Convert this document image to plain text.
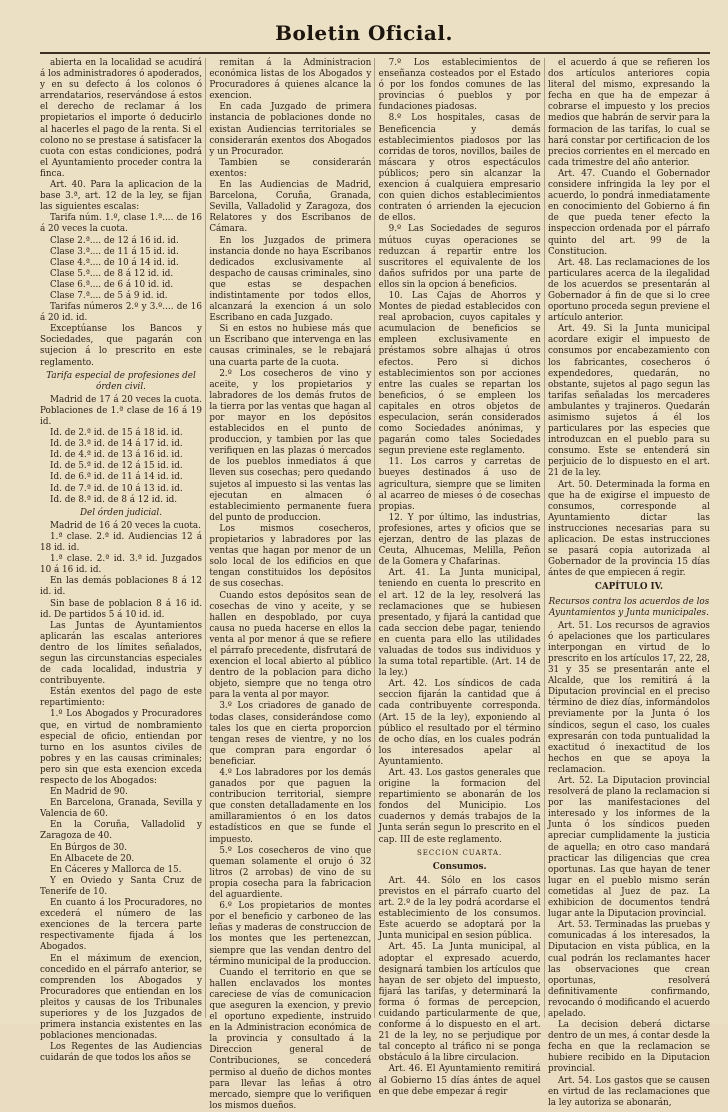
Boletin Oficial.

abierta en la localidad se acudirá á los administradores ó apoderados, y en su defecto á los colonos ó arrendatarios, reservándose á estos el derecho de reclamar á los propietarios el importe ó deducirlo al hacerles el pago de la renta. Si el colono no se prestase á satisfacer la cuota con estas condiciones, podrá el Ayuntamiento proceder contra la finca.

Art. 40. Para la aplicacion de la base 3.ª, art. 12 de la ley, se fijan las siguientes escalas:

Tarifa núm. 1.º, clase 1.ª.... de 16 á 20 veces la cuota.

Clase 2.ª.... de 12 á 16 id. id.

Clase 3.ª.... de 11 á 15 id. id.

Clase 4.ª.... de 10 á 14 id. id.

Clase 5.ª.... de 8 á 12 id. id.

Clase 6.ª.... de 6 á 10 id. id.

Clase 7.ª.... de 5 á 9 id. id.

Tarifas números 2.º y 3.º.... de 16 á 20 id. id.

Exceptúanse los Bancos y Sociedades, que pagarán con sujecion á lo prescrito en este reglamento.

Tarifa especial de profesiones del órden civil.

Madrid de 17 á 20 veces la cuota. Poblaciones de 1.ª clase de 16 á 19 id.

Id. de 2.ª id. de 15 á 18 id. id.

Id. de 3.ª id. de 14 á 17 id. id.

Id. de 4.ª id. de 13 á 16 id. id.

Id. de 5.ª id. de 12 á 15 id. id.

Id. de 6.ª id. de 11 á 14 id. id.

Id. de 7.ª id. de 10 á 13 id. id.

Id. de 8.ª id. de 8 á 12 id. id.

Del órden judicial.

Madrid de 16 á 20 veces la cuota.

1.ª clase. 2.ª id. Audiencias 12 á 18 id. id.

1.ª clase. 2.ª id. 3.ª id. Juzgados 10 á 16 id. id.

En las demás poblaciones 8 á 12 id. id.

Sin base de poblacion 8 á 16 id. id. De partidos 5 á 10 id. id.

Las Juntas de Ayuntamientos aplicarán las escalas anteriores dentro de los límites señalados, segun las circunstancias especiales de cada localidad, industria y contribuyente.

Están exentos del pago de este repartimiento:

1.º Los Abogados y Procuradores que, en virtud de nombramiento especial de oficio, entiendan por turno en los asuntos civiles de pobres y en las causas criminales; pero sin que esta exencion exceda respecto de los Abogados:

En Madrid de 90.

En Barcelona, Granada, Sevilla y Valencia de 60.

En la Coruña, Valladolid y Zaragoza de 40.

En Búrgos de 30.

En Albacete de 20.

En Cáceres y Mallorca de 15.

Y en Oviedo y Santa Cruz de Tenerife de 10.

En cuanto á los Procuradores, no excederá el número de las exenciones de la tercera parte respectivamente fijada á los Abogados.

En el máximum de exencion, concedido en el párrafo anterior, se comprenden los Abogados y Procuradores que entiendan en los pleitos y causas de los Tribunales superiores y de los Juzgados de primera instancia existentes en las poblaciones mencionadas.

Los Regentes de las Audiencias cuidarán de que todos los años se

remitan á la Administracion económica listas de los Abogados y Procuradores á quienes alcance la exencion.

En cada Juzgado de primera instancia de poblaciones donde no existan Audiencias territoriales se considerarán exentos dos Abogados y un Procurador.

Tambien se considerarán exentos:

En las Audiencias de Madrid, Barcelona, Coruña, Granada, Sevilla, Valladolid y Zaragoza, dos Relatores y dos Escribanos de Cámara.

En los Juzgados de primera instancia donde no haya Escribanos dedicados exclusivamente al despacho de causas criminales, sino que estas se despachen indistintamente por todos ellos, alcanzará la exencion á un solo Escribano en cada Juzgado.

Si en estos no hubiese más que un Escribano que intervenga en las causas criminales, se le rebajará una cuarta parte de la cuota.

2.º Los cosecheros de vino y aceite, y los propietarios y labradores de los demás frutos de la tierra por las ventas que hagan al por mayor en los depósitos establecidos en el punto de produccion, y tambien por las que verifiquen en las plazas ó mercados de los pueblos inmediatos á que lleven sus cosechas; pero quedando sujetos al impuesto si las ventas las ejecutan en almacen ó establecimiento permanente fuera del punto de produccion.

Los mismos cosecheros, propietarios y labradores por las ventas que hagan por menor de un solo local de los edificios en que tengan constituidos los depósitos de sus cosechas.

Cuando estos depósitos sean de cosechas de vino y aceite, y se hallen en despoblado, por cuya causa no pueda hacerse en ellos la venta al por menor á que se refiere el párrafo precedente, disfrutará de exencion el local abierto al público dentro de la poblacion para dicho objeto, siempre que no tenga otro para la venta al por mayor.

3.º Los criadores de ganado de todas clases, considerándose como tales los que en cierta proporcion tengan reses de vientre, y no los que compran para engordar ó beneficiar.

4.º Los labradores por los demás ganados por que paguen la contribucion territorial, siempre que consten detalladamente en los amillaramientos ó en los datos estadísticos en que se funde el impuesto.

5.º Los cosecheros de vino que queman solamente el orujo ó 32 litros (2 arrobas) de vino de su propia cosecha para la fabricacion del aguardiente.

6.º Los propietarios de montes por el beneficio y carboneo de las leñas y maderas de construccion de los montes que les pertenezcan, siempre que las vendan dentro del término municipal de la produccion.

Cuando el territorio en que se hallen enclavados los montes careciese de vías de comunicacion que aseguren la exencion, y previo el oportuno expediente, instruido en la Administracion económica de la provincia y consultado á la Direccion general de Contribuciones, se concederá permiso al dueño de dichos montes para llevar las leñas á otro mercado, siempre que lo verifiquen los mismos dueños.

7.º Los establecimientos de enseñanza costeados por el Estado ó por los fondos comunes de las provincias ó pueblos y por fundaciones piadosas.

8.º Los hospitales, casas de Beneficencia y demás establecimientos piadosos por las corridas de toros, novillos, bailes de máscara y otros espectáculos públicos; pero sin alcanzar la exencion á cualquiera empresario con quien dichos establecimientos contraten ó arrienden la ejecucion de ellos.

9.º Las Sociedades de seguros mútuos cuyas operaciones se reduzcan á repartir entre los suscritores el equivalente de los daños sufridos por una parte de ellos sin la opcion á beneficios.

10. Las Cajas de Ahorros y Montes de piedad establecidos con real aprobacion, cuyos capitales y acumulacion de beneficios se empleen exclusivamente en préstamos sobre alhajas ú otros efectos. Pero si dichos establecimientos son por acciones entre las cuales se repartan los beneficios, ó se empleen los capitales en otros objetos de especulacion, serán considerados como Sociedades anónimas, y pagarán como tales Sociedades segun previene este reglamento.

11. Los carros y carretas de bueyes destinados á uso de agricultura, siempre que se limiten al acarreo de mieses ó de cosechas propias.

12. Y por último, las industrias, profesiones, artes y oficios que se ejerzan, dentro de las plazas de Ceuta, Alhucemas, Melilla, Peñon de la Gomera y Chafarinas.

Art. 41. La Junta municipal, teniendo en cuenta lo prescrito en el art. 12 de la ley, resolverá las reclamaciones que se hubiesen presentado, y fijará la cantidad que cada seccion debe pagar, teniendo en cuenta para ello las utilidades valuadas de todos sus individuos y la suma total repartible. (Art. 14 de la ley.)

Art. 42. Los síndicos de cada seccion fijarán la cantidad que á cada contribuyente corresponda. (Art. 15 de la ley), exponiendo al público el resultado por el término de ocho días, en los cuales podrán los interesados apelar al Ayuntamiento.

Art. 43. Los gastos generales que origine la formacion del repartimiento se abonarán de los fondos del Municipio. Los cuadernos y demás trabajos de la Junta serán segun lo prescrito en el cap. III de este reglamento.

SECCION CUARTA.

Consumos.

Art. 44. Sólo en los casos previstos en el párrafo cuarto del art. 2.º de la ley podrá acordarse el establecimiento de los consumos. Este acuerdo se adoptará por la Junta municipal en sesion pública.

Art. 45. La Junta municipal, al adoptar el expresado acuerdo, designará tambien los artículos que hayan de ser objeto del impuesto, fijará las tarifas, y determinará la forma ó formas de percepcion, cuidando particularmente de que, conforme á lo dispuesto en el art. 21 de la ley, no se perjudique por tal concepto al tráfico ni se ponga obstáculo á la libre circulacion.

Art. 46. El Ayuntamiento remitirá al Gobierno 15 días ántes de aquel en que debe empezar á regir

el acuerdo á que se refieren los dos artículos anteriores copia literal del mismo, expresando la fecha en que ha de empezar á cobrarse el impuesto y los precios medios que habrán de servir para la formacion de las tarifas, lo cual se hará constar por certificacion de los precios corrientes en el mercado en cada trimestre del año anterior.

Art. 47. Cuando el Gobernador considere infringida la ley por el acuerdo, lo pondrá inmediatamente en conocimiento del Gobierno á fin de que pueda tener efecto la inspeccion ordenada por el párrafo quinto del art. 99 de la Constitucion.

Art. 48. Las reclamaciones de los particulares acerca de la ilegalidad de los acuerdos se presentarán al Gobernador á fin de que si lo cree oportuno proceda segun previene el artículo anterior.

Art. 49. Si la Junta municipal acordare exigir el impuesto de consumos por encabezamiento con los fabricantes, cosecheros ó expendedores, quedarán, no obstante, sujetos al pago segun las tarifas señaladas los mercaderes ambulantes y trajineros. Quedarán asimismo sujetos á él los particulares por las especies que introduzcan en el pueblo para su consumo. Este se entenderá sin perjuicio de lo dispuesto en el art. 21 de la ley.

Art. 50. Determinada la forma en que ha de exigirse el impuesto de consumos, corresponde al Ayuntamiento dictar las instrucciones necesarias para su aplicacion. De estas instrucciones se pasará copia autorizada al Gobernador de la provincia 15 días ántes de que empiecen á regir.

CAPÍTULO IV.

Recursos contra los acuerdos de los Ayuntamientos y Junta municipales.

Art. 51. Los recursos de agravios ó apelaciones que los particulares interpongan en virtud de lo prescrito en los artículos 17, 22, 28, 31 y 35 se presentarán ante el Alcalde, que los remitirá á la Diputacion provincial en el preciso término de diez días, informándolos previamente por la Junta ó los síndicos, segun el caso, los cuales expresarán con toda puntualidad la exactitud ó inexactitud de los hechos en que se apoya la reclamacion.

Art. 52. La Diputacion provincial resolverá de plano la reclamacion si por las manifestaciones del interesado y los informes de la Junta ó los síndicos pueden apreciar cumplidamente la justicia de aquella; en otro caso mandará practicar las diligencias que crea oportunas. Las que hayan de tener lugar en el pueblo mismo serán cometidas al Juez de paz. La exhibicion de documentos tendrá lugar ante la Diputacion provincial.

Art. 53. Terminadas las pruebas y comunicadas á los interesados, la Diputacion en vista pública, en la cual podrán los reclamantes hacer las observaciones que crean oportunas, resolverá definitivamente confirmando, revocando ó modificando el acuerdo apelado.

La decision deberá dictarse dentro de un mes, á contar desde la fecha en que la reclamacion se hubiere recibido en la Diputacion provincial.

Art. 54. Los gastos que se causen en virtud de las reclamaciones que la ley autoriza se abonarán,
